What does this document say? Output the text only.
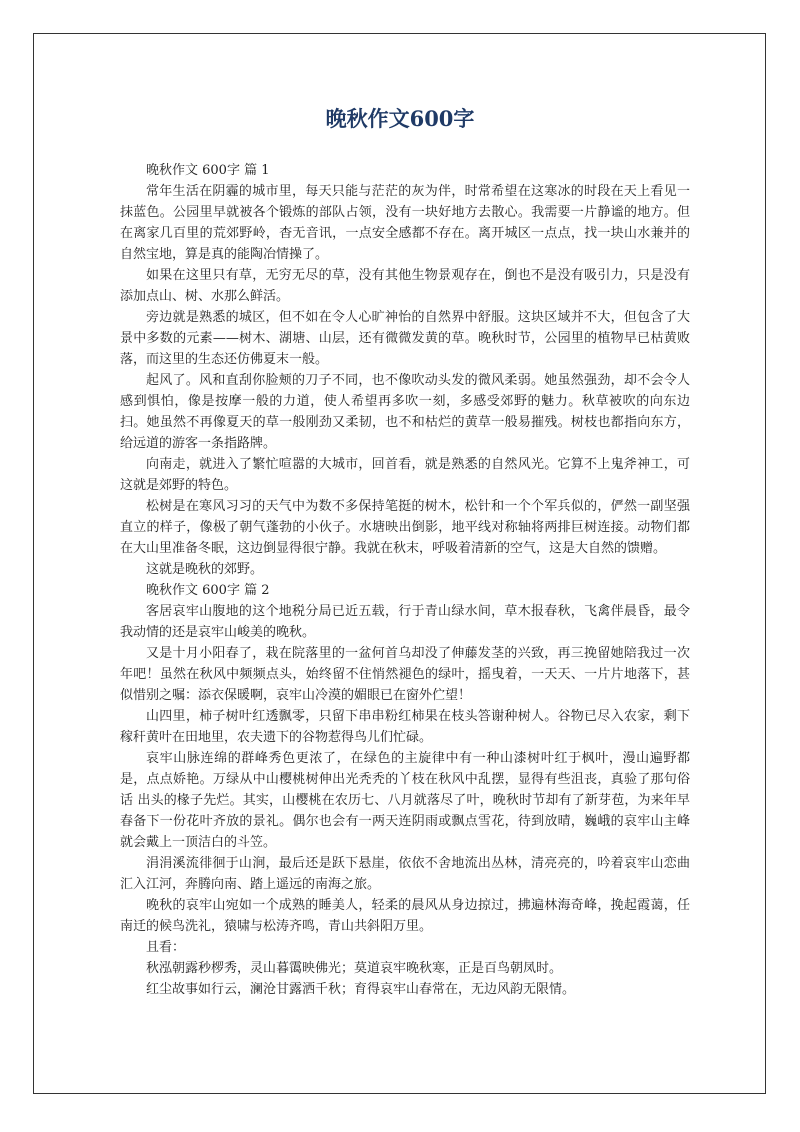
晚秋作文600字

晚秋作文 600字 篇 1

常年生活在阴霾的城市里，每天只能与茫茫的灰为伴，时常希望在这寒冰的时段在天上看见一抹蓝色。公园里早就被各个锻炼的部队占领，没有一块好地方去散心。我需要一片静谧的地方。但在离家几百里的荒郊野岭，杳无音讯，一点安全感都不存在。离开城区一点点，找一块山水兼并的自然宝地，算是真的能陶冶情操了。

如果在这里只有草，无穷无尽的草，没有其他生物景观存在，倒也不是没有吸引力，只是没有添加点山、树、水那么鲜活。

旁边就是熟悉的城区，但不如在令人心旷神怡的自然界中舒服。这块区域并不大，但包含了大景中多数的元素——树木、湖塘、山层，还有微微发黄的草。晚秋时节，公园里的植物早已枯黄败落，而这里的生态还仿佛夏末一般。

起风了。风和直刮你脸颊的刀子不同，也不像吹动头发的微风柔弱。她虽然强劲，却不会令人感到惧怕，像是按摩一般的力道，使人希望再多吹一刻，多感受郊野的魅力。秋草被吹的向东边扫。她虽然不再像夏天的草一般刚劲又柔韧，也不和枯烂的黄草一般易摧残。树枝也都指向东方，给远道的游客一条指路牌。

向南走，就进入了繁忙喧嚣的大城市，回首看，就是熟悉的自然风光。它算不上鬼斧神工，可这就是郊野的特色。

松树是在寒风习习的天气中为数不多保持笔挺的树木，松针和一个个军兵似的，俨然一副坚强直立的样子，像极了朝气蓬勃的小伙子。水塘映出倒影，地平线对称轴将两排巨树连接。动物们都在大山里准备冬眠，这边倒显得很宁静。我就在秋末，呼吸着清新的空气，这是大自然的馈赠。

这就是晚秋的郊野。

晚秋作文 600字 篇 2

客居哀牢山腹地的这个地税分局已近五载，行于青山绿水间，草木报春秋，飞禽伴晨昏，最令我动情的还是哀牢山峻美的晚秋。

又是十月小阳春了，栽在院落里的一盆何首乌却没了伸藤发茎的兴致，再三挽留她陪我过一次年吧！虽然在秋风中频频点头，始终留不住悄然褪色的绿叶，摇曳着，一天天、一片片地落下，甚似惜别之嘱：添衣保暖啊，哀牢山冷漠的媚眼已在窗外伫望！

山四里，柿子树叶红透飘零，只留下串串粉红柿果在枝头答谢种树人。谷物已尽入农家，剩下稼秆黄叶在田地里，农夫遗下的谷物惹得鸟儿们忙碌。

哀牢山脉连绵的群峰秀色更浓了，在绿色的主旋律中有一种山漆树叶红于枫叶，漫山遍野都是，点点娇艳。万绿从中山樱桃树伸出光秃秃的丫枝在秋风中乱摆，显得有些沮丧，真验了那句俗话 出头的椽子先烂。其实，山樱桃在农历七、八月就落尽了叶，晚秋时节却有了新芽苞，为来年早春备下一份花叶齐放的景礼。偶尔也会有一两天连阴雨或飘点雪花，待到放晴，巍峨的哀牢山主峰就会戴上一顶洁白的斗笠。

涓涓溪流徘徊于山涧，最后还是跃下悬崖，依依不舍地流出丛林，清亮亮的，吟着哀牢山恋曲汇入江河，奔腾向南、踏上遥远的南海之旅。

晚秋的哀牢山宛如一个成熟的睡美人，轻柔的晨风从身边掠过，拂遍林海奇峰，挽起霞蔼，任南迁的候鸟洗礼，猿啸与松涛齐鸣，青山共斜阳万里。

且看：

秋泓朝露秒椤秀，灵山暮霭映佛光；莫道哀牢晚秋寒，正是百鸟朝凤时。

红尘故事如行云，澜沧甘露洒千秋；育得哀牢山春常在，无边风韵无限情。
